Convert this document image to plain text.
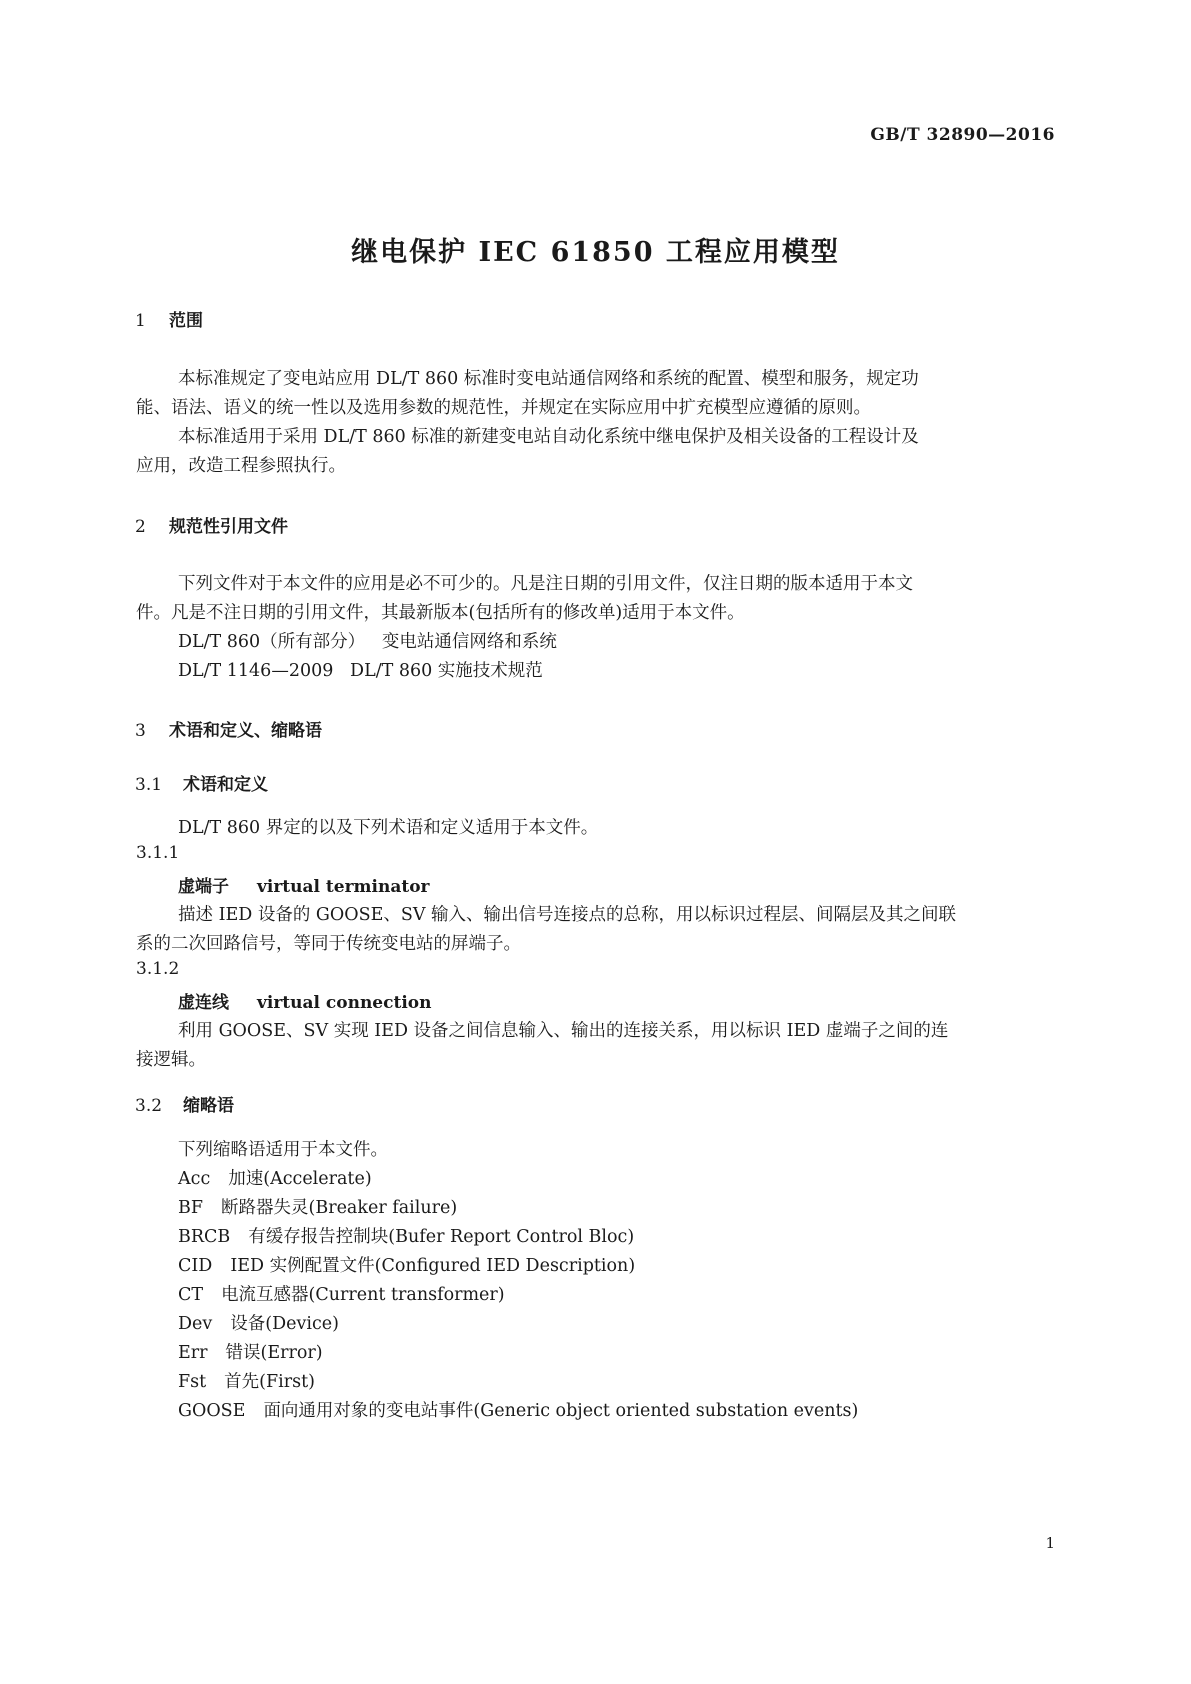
GB/T 32890—2016
继电保护 IEC 61850 工程应用模型
1 范围

本标准规定了变电站应用 DL/T 860 标准时变电站通信网络和系统的配置、模型和服务，规定功

能、语法、语义的统一性以及选用参数的规范性，并规定在实际应用中扩充模型应遵循的原则。

本标准适用于采用 DL/T 860 标准的新建变电站自动化系统中继电保护及相关设备的工程设计及

应用，改造工程参照执行。

2 规范性引用文件

下列文件对于本文件的应用是必不可少的。凡是注日期的引用文件，仅注日期的版本适用于本文

件。凡是不注日期的引用文件，其最新版本(包括所有的修改单)适用于本文件。

DL/T 860（所有部分）   变电站通信网络和系统

DL/T 1146—2009   DL/T 860 实施技术规范

3 术语和定义、缩略语
3.1 术语和定义

DL/T 860 界定的以及下列术语和定义适用于本文件。

3.1.1
虚端子 virtual terminator

描述 IED 设备的 GOOSE、SV 输入、输出信号连接点的总称，用以标识过程层、间隔层及其之间联

系的二次回路信号，等同于传统变电站的屏端子。

3.1.2
虚连线 virtual connection

利用 GOOSE、SV 实现 IED 设备之间信息输入、输出的连接关系，用以标识 IED 虚端子之间的连

接逻辑。

3.2 缩略语

下列缩略语适用于本文件。

Acc 加速(Accelerate)
BF 断路器失灵(Breaker failure)
BRCB 有缓存报告控制块(Bufer Report Control Bloc)
CID IED 实例配置文件(Configured IED Description)
CT 电流互感器(Current transformer)
Dev 设备(Device)
Err 错误(Error)
Fst 首先(First)
GOOSE 面向通用对象的变电站事件(Generic object oriented substation events)
1
